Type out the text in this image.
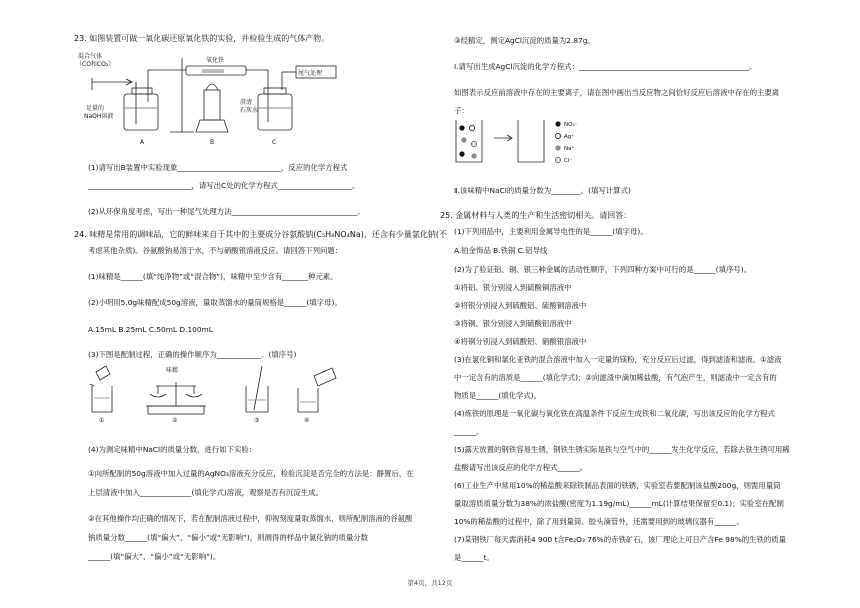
23. 如图装置可做一氧化碳还原氧化铁的实验，并检验生成的气体产物。
混合气体
（CO和CO₂）
氧化铁
尾气处理
足量的
NaOH溶液
澄清
石灰水
A	B	C
(1)请写出B装置中实验现象____________________________，反应的化学方程式
____________________________，请写出C处的化学方程式____________________。
(2)从环保角度考虑，写出一种尾气处理方法__________________________________。
24. 味精是常用的调味品，它的鲜味来自于其中的主要成分谷氨酸钠(C₅H₈NO₄Na)，还含有少量氯化钠(不
考虑其他杂质)。谷氨酸钠易溶于水，不与硝酸银溶液反应。请回答下列问题：
(1)味精是______(填“纯净物”或“混合物”)，味精中至少含有_______种元素。
(2)小明用5.0g味精配成50g溶液，量取蒸馏水的量筒规格是______(填字母)。
A.15mL B.25mL C.50mL D.100mL
(3)下图是配制过程，正确的操作顺序为____________．(填序号)
味精
①	②	③	④
(4)为测定味精中NaCl的质量分数，进行如下实验：
①向所配制的50g溶液中加入过量的AgNO₃溶液充分反应，检验沉淀是否完全的方法是：静置后，在
上层清液中加入______________(填化学式)溶液，观察是否有沉淀生成。
②在其他操作均正确的情况下，若在配制溶液过程中，仰视刻度量取蒸馏水，则所配制溶液的谷氨酸
钠质量分数______(填“偏大”、“偏小”或“无影响”)，则测得的样品中氯化钠的质量分数
______(填“偏大”、“偏小”或“无影响”)。
③经精定，测定AgCl沉淀的质量为2.87g。
Ⅰ.请写出生成AgCl沉淀的化学方程式：______________________________________________。
如图表示反应前溶液中存在的主要离子，请在图中画出当反应物之间恰好反应后溶液中存在的主要离
子：
NO₃⁻
Ag⁺
Na⁺
Cl⁻
Ⅱ.该味精中NaCl的质量分数为________。(填写计算式)
25. 金属材料与人类的生产和生活密切相关。请回答：
(1)下列用品中，主要利用金属导电性的是______(填字母)。
A.铂金饰品 B.铁锅 C.铝导线
(2)为了验证铝、铜、银三种金属的活动性顺序，下列四种方案中可行的是______(填序号)。
①将铝、银分别浸入到硫酸铜溶液中
②将银分别浸入到硫酸铝、硫酸铜溶液中
③将铜、银分别浸入到硫酸铝溶液中
④将铜分别浸入到硫酸铝、硝酸银溶液中
(3)在氯化铜和氯化亚铁的混合溶液中加入一定量的镁粉，充分反应后过滤，得到滤渣和滤液。①滤液
中一定含有的溶质是______(填化学式)；②向滤渣中滴加稀盐酸，有气泡产生，则滤渣中一定含有的
物质是______(填化学式)。
(4)炼铁的原理是一氧化碳与氧化铁在高温条件下反应生成铁和二氧化碳，写出该反应的化学方程式
______。
(5)露天放置的钢铁容易生锈，钢铁生锈实际是铁与空气中的______发生化学反应，若除去铁生锈可用稀
盐酸请写出该反应的化学方程式______。
(6)工业生产中常用10%的稀盐酸来除铁制品表面的铁锈，实验室若要配制该盐酸200g，则需用量筒
量取溶质质量分数为38%的浓盐酸(密度为1.19g/mL)______mL(计算结果保留至0.1)；实验室在配制
10%的稀盐酸的过程中，除了用到量筒、胶头滴管外，还需要用到的玻璃仪器有______。
(7)某钢铁厂每天需消耗4 900 t含Fe₂O₃ 76%的赤铁矿石，该厂理论上可日产含Fe 98%的生铁的质量
是______t。
第4页，共12页
